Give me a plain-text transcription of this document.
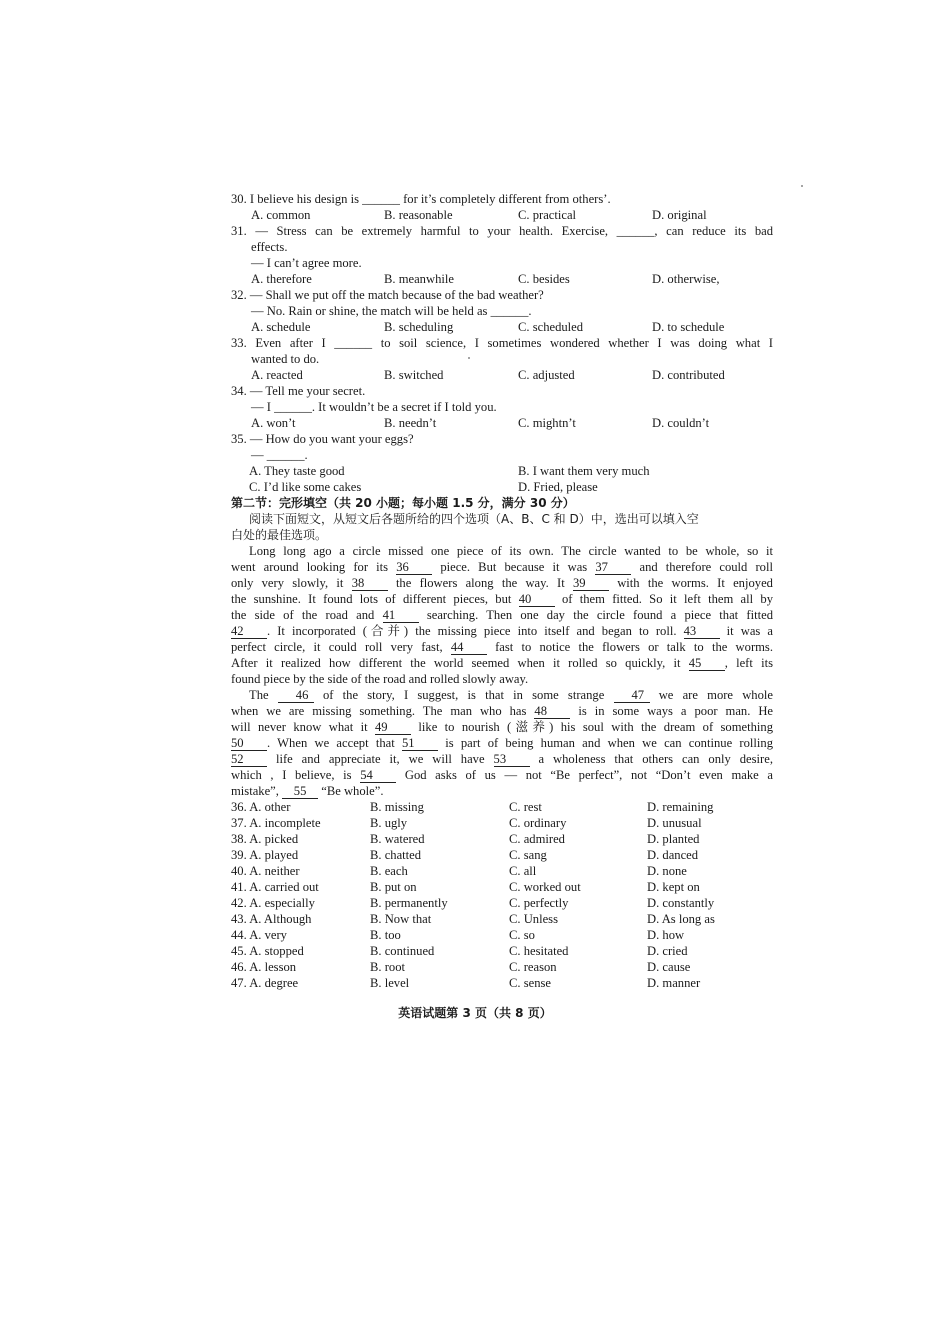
30. I believe his design is ______ for it’s completely different from others’.
A. common	B. reasonable	C. practical	D. original
31. — Stress can be extremely harmful to your health. Exercise, ______, can reduce its bad
effects.
— I can’t agree more.
A. therefore	B. meanwhile	C. besides	D. otherwise,
32. — Shall we put off the match because of the bad weather?
— No. Rain or shine, the match will be held as ______.
A. schedule	B. scheduling	C. scheduled	D. to schedule
33. Even after I ______ to soil science, I sometimes wondered whether I was doing what I
wanted to do.
A. reacted	B. switched	C. adjusted	D. contributed
34. — Tell me your secret.
— I ______. It wouldn’t be a secret if I told you.
A. won’t	B. needn’t	C. mightn’t	D. couldn’t
35. — How do you want your eggs?
— ______.
A. They taste good	B. I want them very much
C. I’d like some cakes	D. Fried, please
第二节：完形填空（共 20 小题；每小题 1.5 分，满分 30 分）
阅读下面短文，从短文后各题所给的四个选项（A、B、C 和 D）中，选出可以填入空
白处的最佳选项。
Long long ago a circle missed one piece of its own. The circle wanted to be whole, so it
went around looking for its 36	piece. But because it was 37	and therefore could roll
only very slowly, it 38	the flowers along the way. It 39	with the worms. It enjoyed
the sunshine. It found lots of different pieces, but 40 of them fitted. So it left them all by
the side of the road and 41	searching. Then one day the circle found a piece that fitted
42 . It incorporated (合并) the missing piece into itself and began to roll. 43 it was a
perfect circle, it could roll very fast, 44	fast to notice the flowers or talk to the worms.
After it realized how different the world seemed when it rolled so quickly, it 45 , left its
found piece by the side of the road and rolled slowly away.
The 46 of the story, I suggest, is that in some strange 47 we are more whole
when we are missing something. The man who has 48 is in some ways a poor man. He
will never know what it 49 like to nourish (滋养) his soul with the dream of something
50 . When we accept that 51 is part of being human and when we can continue rolling
52	life and appreciate it, we will have 53	a wholeness that others can only desire,
which , I believe, is 54	God asks of us — not “Be perfect”, not “Don’t even make a
mistake”, 55 “Be whole”.
36. A. other	B. missing	C. rest	D. remaining
37. A. incomplete	B. ugly	C. ordinary	D. unusual
38. A. picked	B. watered	C. admired	D. planted
39. A. played	B. chatted	C. sang	D. danced
40. A. neither	B. each	C. all	D. none
41. A. carried out	B. put on	C. worked out	D. kept on
42. A. especially	B. permanently	C. perfectly	D. constantly
43. A. Although	B. Now that	C. Unless	D. As long as
44. A. very	B. too	C. so	D. how
45. A. stopped	B. continued	C. hesitated	D. cried
46. A. lesson	B. root	C. reason	D. cause
47. A. degree	B. level	C. sense	D. manner
英语试题第 3 页（共 8 页）
